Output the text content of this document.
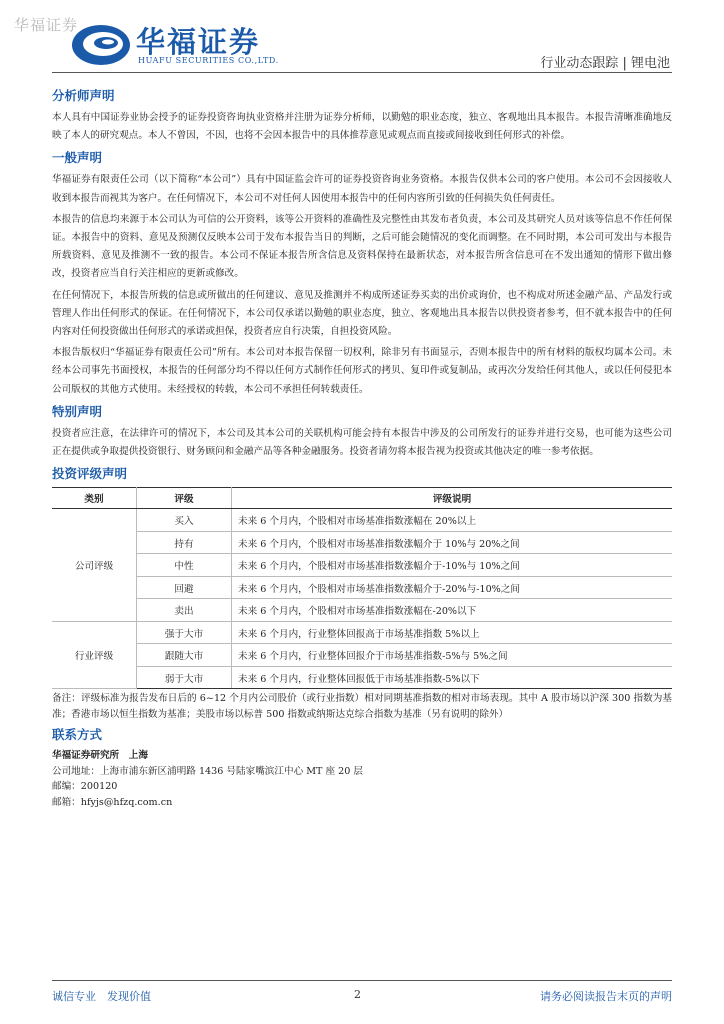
华福证券 华福证券
HUAFU SECURITIES CO.,LTD.	行业动态跟踪 | 锂电池
分析师声明

本人具有中国证券业协会授予的证券投资咨询执业资格并注册为证券分析师，以勤勉的职业态度，独立、客观地出具本报告。本报告清晰准确地反映了本人的研究观点。本人不曾因，不因，也将不会因本报告中的具体推荐意见或观点而直接或间接收到任何形式的补偿。

一般声明

华福证券有限责任公司（以下简称“本公司”）具有中国证监会许可的证券投资咨询业务资格。本报告仅供本公司的客户使用。本公司不会因接收人收到本报告而视其为客户。在任何情况下，本公司不对任何人因使用本报告中的任何内容所引致的任何损失负任何责任。

本报告的信息均来源于本公司认为可信的公开资料，该等公开资料的准确性及完整性由其发布者负责，本公司及其研究人员对该等信息不作任何保证。本报告中的资料、意见及预测仅反映本公司于发布本报告当日的判断，之后可能会随情况的变化而调整。在不同时期，本公司可发出与本报告所载资料、意见及推测不一致的报告。本公司不保证本报告所含信息及资料保持在最新状态，对本报告所含信息可在不发出通知的情形下做出修改，投资者应当自行关注相应的更新或修改。

在任何情况下，本报告所载的信息或所做出的任何建议、意见及推测并不构成所述证券买卖的出价或询价，也不构成对所述金融产品、产品发行或管理人作出任何形式的保证。在任何情况下，本公司仅承诺以勤勉的职业态度，独立、客观地出具本报告以供投资者参考，但不就本报告中的任何内容对任何投资做出任何形式的承诺或担保，投资者应自行决策，自担投资风险。

本报告版权归“华福证券有限责任公司”所有。本公司对本报告保留一切权利，除非另有书面显示，否则本报告中的所有材料的版权均属本公司。未经本公司事先书面授权，本报告的任何部分均不得以任何方式制作任何形式的拷贝、复印件或复制品，或再次分发给任何其他人，或以任何侵犯本公司版权的其他方式使用。未经授权的转载，本公司不承担任何转载责任。

特别声明

投资者应注意，在法律许可的情况下，本公司及其本公司的关联机构可能会持有本报告中涉及的公司所发行的证券并进行交易，也可能为这些公司正在提供或争取提供投资银行、财务顾问和金融产品等各种金融服务。投资者请勿将本报告视为投资或其他决定的唯一参考依据。

投资评级声明
类别	评级	评级说明
公司评级	买入	未来 6 个月内，个股相对市场基准指数涨幅在 20%以上
	持有	未来 6 个月内，个股相对市场基准指数涨幅介于 10%与 20%之间
	中性	未来 6 个月内，个股相对市场基准指数涨幅介于-10%与 10%之间
	回避	未来 6 个月内，个股相对市场基准指数涨幅介于-20%与-10%之间
	卖出	未来 6 个月内，个股相对市场基准指数涨幅在-20%以下
行业评级	强于大市	未来 6 个月内，行业整体回报高于市场基准指数 5%以上
	跟随大市	未来 6 个月内，行业整体回报介于市场基准指数-5%与 5%之间
	弱于大市	未来 6 个月内，行业整体回报低于市场基准指数-5%以下
备注：评级标准为报告发布日后的 6~12 个月内公司股价（或行业指数）相对同期基准指数的相对市场表现。其中 A 股市场以沪深 300 指数为基准；香港市场以恒生指数为基准；美股市场以标普 500 指数或纳斯达克综合指数为基准（另有说明的除外）
联系方式
华福证券研究所　上海
公司地址：上海市浦东新区浦明路 1436 号陆家嘴滨江中心 MT 座 20 层
邮编：200120
邮箱：hfyjs@hfzq.com.cn
诚信专业　发现价值	2	请务必阅读报告末页的声明
